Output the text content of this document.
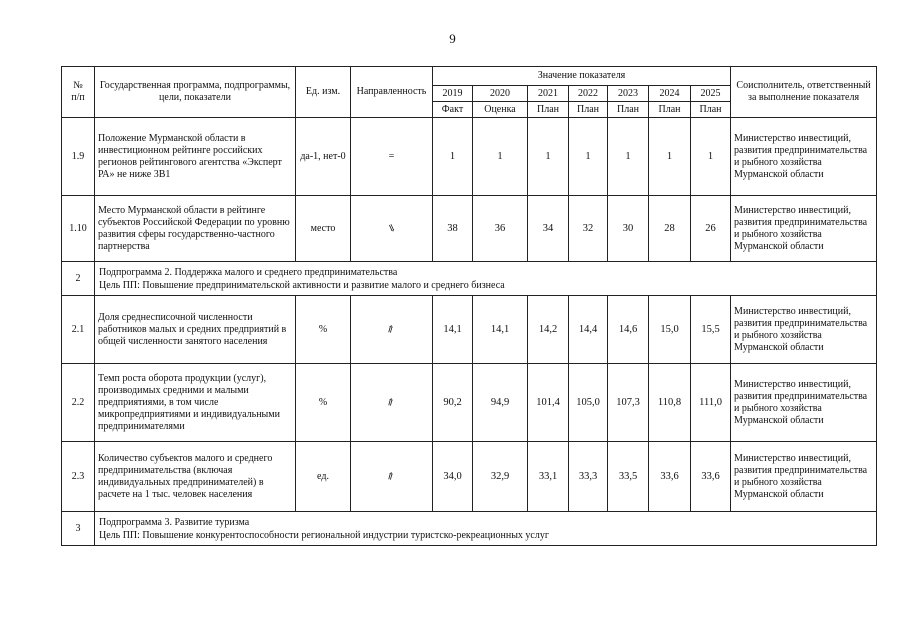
9
№
п/п	Государственная программа, подпрограммы, цели, показатели	Ед. изм.	Направленность	Значение показателя							Соисполнитель, ответственный за выполнение показателя
				2019	2020	2021	2022	2023	2024	2025	
				Факт	Оценка	План	План	План	План	План	
1.9	Положение Мурманской области в инвестиционном рейтинге российских регионов рейтингового агентства «Эксперт РА» не ниже 3В1	да-1, нет-0	=	1	1	1	1	1	1	1	Министерство инвестиций, развития предпринимательства и рыбного хозяйства Мурманской области
1.10	Место Мурманской области в рейтинге субъектов Российской Федерации по уровню развития сферы государственно-частного партнерства	место	⇘	38	36	34	32	30	28	26	Министерство инвестиций, развития предпринимательства и рыбного хозяйства Мурманской области
2	Подпрограмма 2. Поддержка малого и среднего предпринимательства
Цель ПП: Повышение предпринимательской активности и развитие малого и среднего бизнеса										

2.1	Доля среднесписочной численности работников малых и средних предприятий в общей численности занятого населения	%	⇗	14,1	14,1	14,2	14,4	14,6	15,0	15,5	Министерство инвестиций, развития предпринимательства и рыбного хозяйства Мурманской области
2.2	Темп роста оборота продукции (услуг), производимых средними и малыми предприятиями, в том числе микропредприятиями и индивидуальными предпринимателями	%	⇗	90,2	94,9	101,4	105,0	107,3	110,8	111,0	Министерство инвестиций, развития предпринимательства и рыбного хозяйства Мурманской области
2.3	Количество субъектов малого и среднего предпринимательства (включая индивидуальных предпринимателей) в расчете на 1 тыс. человек населения	ед.	⇗	34,0	32,9	33,1	33,3	33,5	33,6	33,6	Министерство инвестиций, развития предпринимательства и рыбного хозяйства Мурманской области
3	Подпрограмма 3. Развитие туризма
Цель ПП: Повышение конкурентоспособности региональной индустрии туристско-рекреационных услуг										
